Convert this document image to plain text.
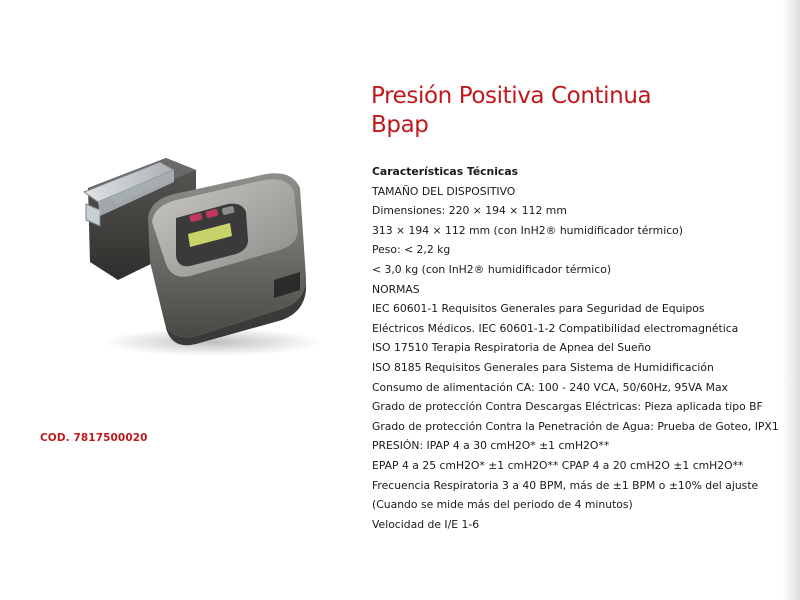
COD. 7817500020
Presión Positiva Continua
Bpap
Características Técnicas
TAMAÑO DEL DISPOSITIVO
Dimensiones: 220 × 194 × 112 mm
313 × 194 × 112 mm (con InH2® humidificador térmico)
Peso: < 2,2 kg
< 3,0 kg (con InH2® humidificador térmico)
NORMAS
IEC 60601-1 Requisitos Generales para Seguridad de Equipos
Eléctricos Médicos. IEC 60601-1-2 Compatibilidad electromagnética
ISO 17510 Terapia Respiratoria de Apnea del Sueño
ISO 8185 Requisitos Generales para Sistema de Humidificación
Consumo de alimentación CA: 100 - 240 VCA, 50/60Hz, 95VA Max
Grado de protección Contra Descargas Eléctricas: Pieza aplicada tipo BF
Grado de protección Contra la Penetración de Agua: Prueba de Goteo, IPX1
PRESIÓN: IPAP 4 a 30 cmH2O* ±1 cmH2O**
EPAP 4 a 25 cmH2O* ±1 cmH2O** CPAP 4 a 20 cmH2O ±1 cmH2O**
Frecuencia Respiratoria 3 a 40 BPM, más de ±1 BPM o ±10% del ajuste
(Cuando se mide más del periodo de 4 minutos)
Velocidad de I/E 1-6
